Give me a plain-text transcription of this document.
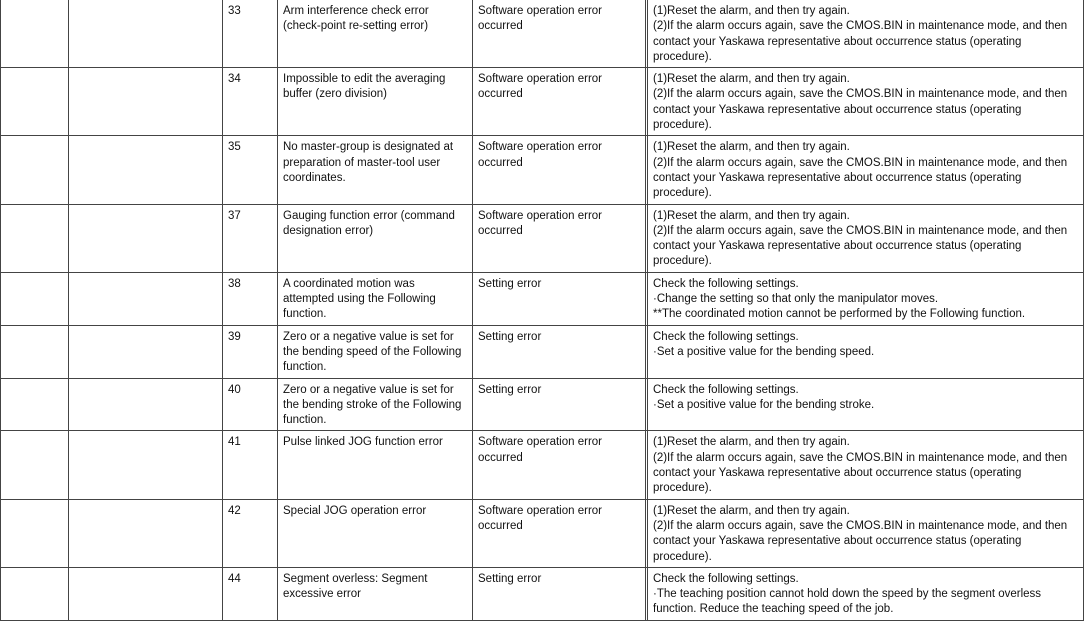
		33	Arm interference check error (check-point re-setting error)	Software operation error occurred		(1)Reset the alarm, and then try again.
(2)If the alarm occurs again, save the CMOS.BIN in maintenance mode, and then contact your Yaskawa representative about occurrence status (operating procedure).
		34	Impossible to edit the averaging buffer (zero division)	Software operation error occurred		(1)Reset the alarm, and then try again.
(2)If the alarm occurs again, save the CMOS.BIN in maintenance mode, and then contact your Yaskawa representative about occurrence status (operating procedure).
		35	No master-group is designated at preparation of master-tool user coordinates.	Software operation error occurred		(1)Reset the alarm, and then try again.
(2)If the alarm occurs again, save the CMOS.BIN in maintenance mode, and then contact your Yaskawa representative about occurrence status (operating procedure).
		37	Gauging function error (command designation error)	Software operation error occurred		(1)Reset the alarm, and then try again.
(2)If the alarm occurs again, save the CMOS.BIN in maintenance mode, and then contact your Yaskawa representative about occurrence status (operating procedure).
		38	A coordinated motion was attempted using the Following function.	Setting error		Check the following settings.
·Change the setting so that only the manipulator moves.
**The coordinated motion cannot be performed by the Following function.
		39	Zero or a negative value is set for the bending speed of the Following function.	Setting error		Check the following settings.
·Set a positive value for the bending speed.
		40	Zero or a negative value is set for the bending stroke of the Following function.	Setting error		Check the following settings.
·Set a positive value for the bending stroke.
		41	Pulse linked JOG function error	Software operation error occurred		(1)Reset the alarm, and then try again.
(2)If the alarm occurs again, save the CMOS.BIN in maintenance mode, and then contact your Yaskawa representative about occurrence status (operating procedure).
		42	Special JOG operation error	Software operation error occurred		(1)Reset the alarm, and then try again.
(2)If the alarm occurs again, save the CMOS.BIN in maintenance mode, and then contact your Yaskawa representative about occurrence status (operating procedure).
		44	Segment overless: Segment excessive error	Setting error		Check the following settings.
·The teaching position cannot hold down the speed by the segment overless function. Reduce the teaching speed of the job.
